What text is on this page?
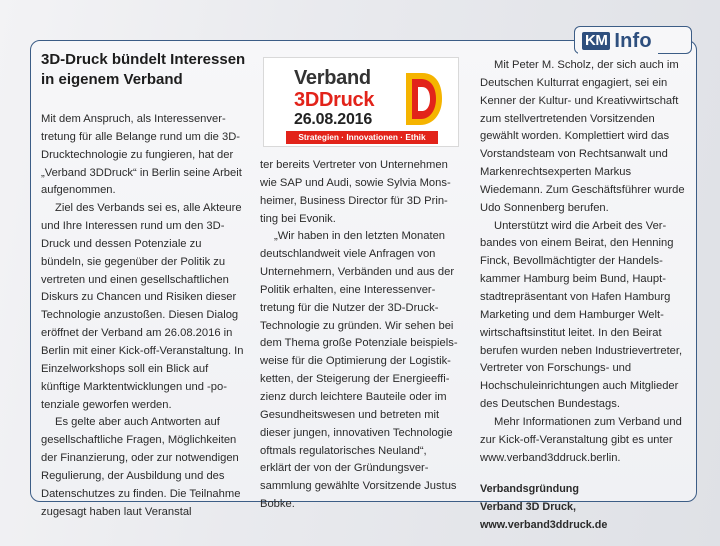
KM Info
3D-Druck bündelt Interessen in eigenem Verband

Mit dem Anspruch, als Interessenvertretung für alle Belange rund um die 3D-Drucktechnologie zu fungieren, hat der „Verband 3DDruck“ in Berlin seine Arbeit aufgenommen.

Ziel des Verbands sei es, alle Akteure und Ihre Interessen rund um den 3D-Druck und dessen Potenziale zu bündeln, sie gegenüber der Politik zu vertreten und einen gesellschaftlichen Diskurs zu Chancen und Risiken dieser Technologie anzustoßen. Diesen Dialog eröffnet der Verband am 26.08.2016 in Berlin mit einer Kick-off-Veranstaltung. In Einzelworkshops soll ein Blick auf künftige Marktentwicklungen und -potenziale geworfen werden.

Es gelte aber auch Antworten auf gesellschaftliche Fragen, Möglichkeiten der Finanzierung, oder zur notwendigen Regulierung, der Ausbildung und des Datenschutzes zu finden. Die Teilnahme zugesagt haben laut Veranstal

Verband
3DDruck
26.08.2016
Strategien · Innovationen · Ethik

ter bereits Vertreter von Unternehmen wie SAP und Audi, sowie Sylvia Monsheimer, Business Director für 3D Printing bei Evonik.

„Wir haben in den letzten Monaten deutschlandweit viele Anfragen von Unternehmern, Verbänden und aus der Politik erhalten, eine Interessenvertretung für die Nutzer der 3D-Druck-Technologie zu gründen. Wir sehen bei dem Thema große Potenziale beispielsweise für die Optimierung der Logistikketten, der Steigerung der Energieeffizienz durch leichtere Bauteile oder im Gesundheitswesen und betreten mit dieser jungen, innovativen Technologie oftmals regulatorisches Neuland“, erklärt der von der Gründungsversammlung gewählte Vorsitzende Justus Bobke.

Mit Peter M. Scholz, der sich auch im Deutschen Kulturrat engagiert, sei ein Kenner der Kultur- und Kreativwirtschaft zum stellvertretenden Vorsitzenden gewählt worden. Komplettiert wird das Vorstandsteam von Rechtsanwalt und Markenrechtsexperten Markus Wiedemann. Zum Geschäftsführer wurde Udo Sonnenberg berufen.

Unterstützt wird die Arbeit des Verbandes von einem Beirat, den Henning Finck, Bevollmächtigter der Handelskammer Hamburg beim Bund, Hauptstadtrepräsentant von Hafen Hamburg Marketing und dem Hamburger Weltwirtschaftsinstitut leitet. In den Beirat berufen wurden neben Industrievertreter, Vertreter von Forschungs- und Hochschuleinrichtungen auch Mitglieder des Deutschen Bundestags.

Mehr Informationen zum Verband und zur Kick-off-Veranstaltung gibt es unter www.verband3ddruck.berlin.

Verbandsgründung

Verband 3D Druck, www.verband3ddruck.de
